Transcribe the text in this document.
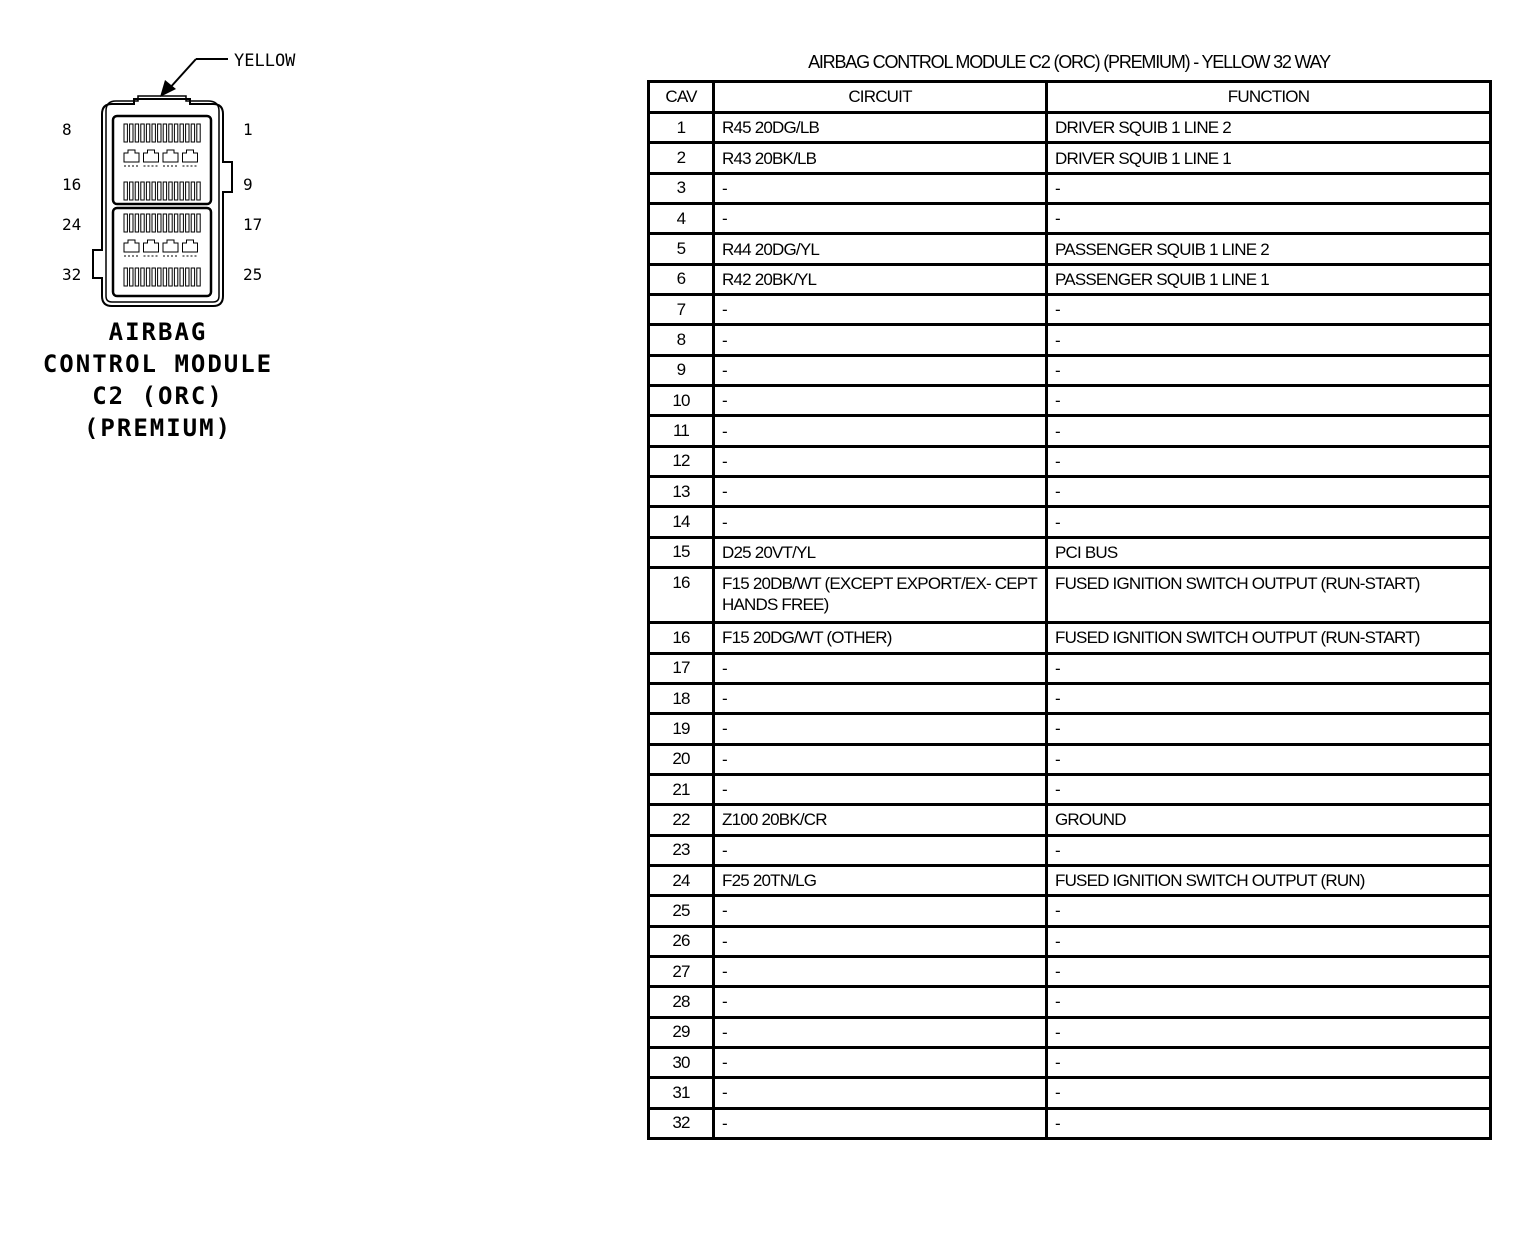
YELLOW
8	1
16	9
24	17
32	25
AIRBAG
CONTROL MODULE
C2 (ORC)
(PREMIUM)
AIRBAG CONTROL MODULE C2 (ORC) (PREMIUM) - YELLOW 32 WAY
CAV	CIRCUIT	FUNCTION
1	R45 20DG/LB	DRIVER SQUIB 1 LINE 2
2	R43 20BK/LB	DRIVER SQUIB 1 LINE 1
3	-	-
4	-	-
5	R44 20DG/YL	PASSENGER SQUIB 1 LINE 2
6	R42 20BK/YL	PASSENGER SQUIB 1 LINE 1
7	-	-
8	-	-
9	-	-
10	-	-
11	-	-
12	-	-
13	-	-
14	-	-
15	D25 20VT/YL	PCI BUS
16	F15 20DB/WT (EXCEPT EXPORT/EX- CEPT HANDS FREE)	FUSED IGNITION SWITCH OUTPUT (RUN-START)
16	F15 20DG/WT (OTHER)	FUSED IGNITION SWITCH OUTPUT (RUN-START)
17	-	-
18	-	-
19	-	-
20	-	-
21	-	-
22	Z100 20BK/CR	GROUND
23	-	-
24	F25 20TN/LG	FUSED IGNITION SWITCH OUTPUT (RUN)
25	-	-
26	-	-
27	-	-
28	-	-
29	-	-
30	-	-
31	-	-
32	-	-
